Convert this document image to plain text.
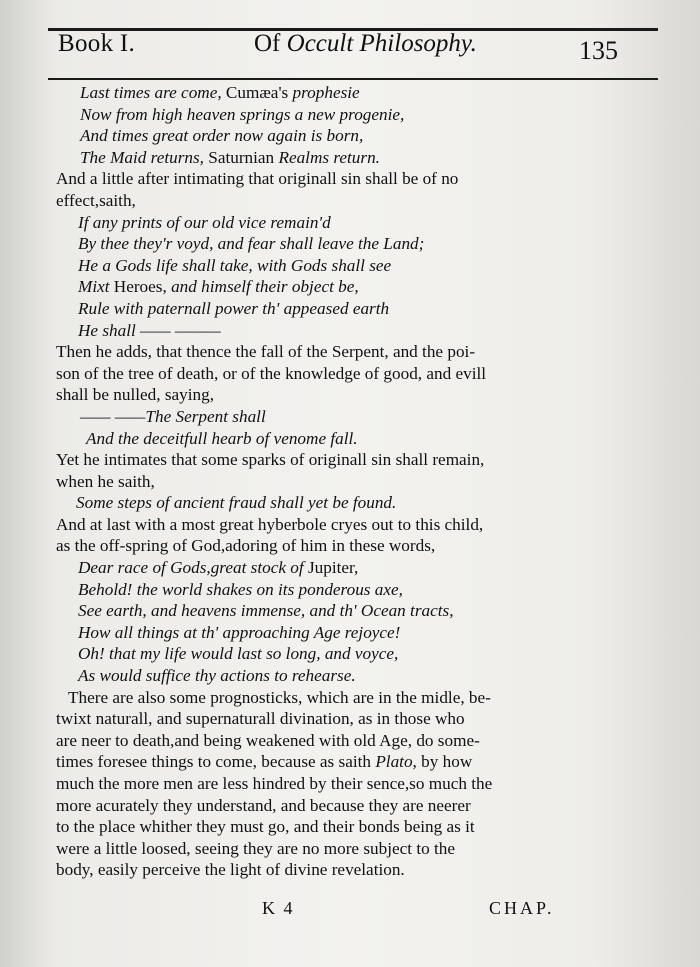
Book I.	Of Occult Philosophy.	135
Last times are come, Cumæa's prophesie
Now from high heaven springs a new progenie,
And times great order now again is born,
The Maid returns, Saturnian Realms return.
And a little after intimating that originall sin shall be of no
effect,saith,
If any prints of our old vice remain'd
By thee they'r voyd, and fear shall leave the Land;
He a Gods life shall take, with Gods shall see
Mixt Heroes, and himself their object be,
Rule with paternall power th' appeased earth
He shall —— ———
Then he adds, that thence the fall of the Serpent, and the poi-
son of the tree of death, or of the knowledge of good, and evill
shall be nulled, saying,
—— ——The Serpent shall
And the deceitfull hearb of venome fall.
Yet he intimates that some sparks of originall sin shall remain,
when he saith,
Some steps of ancient fraud shall yet be found.
And at last with a most great hyberbole cryes out to this child,
as the off-spring of God,adoring of him in these words,
Dear race of Gods,great stock of Jupiter,
Behold! the world shakes on its ponderous axe,
See earth, and heavens immense, and th' Ocean tracts,
How all things at th' approaching Age rejoyce!
Oh! that my life would last so long, and voyce,
As would suffice thy actions to rehearse.
There are also some prognosticks, which are in the midle, be-
twixt naturall, and supernaturall divination, as in those who
are neer to death,and being weakened with old Age, do some-
times foresee things to come, because as saith Plato, by how
much the more men are less hindred by their sence,so much the
more acurately they understand, and because they are neerer
to the place whither they must go, and their bonds being as it
were a little loosed, seeing they are no more subject to the
body, easily perceive the light of divine revelation.
K 4	CHAP.
